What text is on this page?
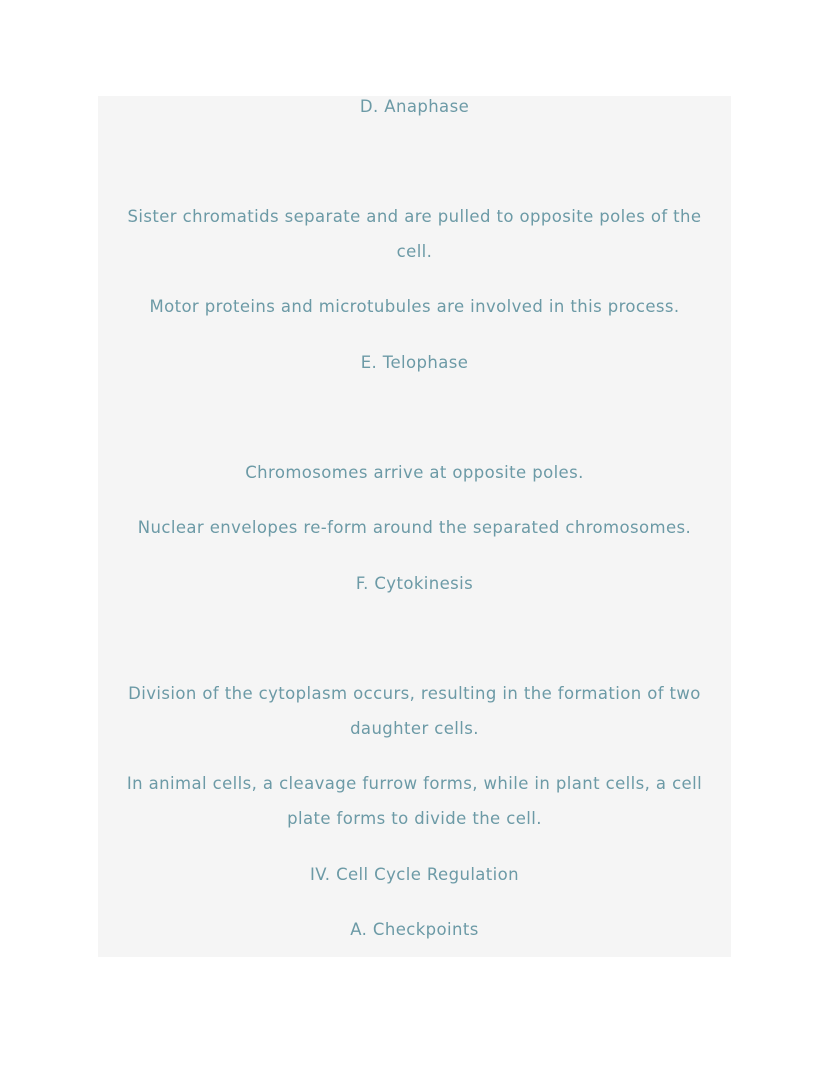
D. Anaphase
Sister chromatids separate and are pulled to opposite poles of the
cell.
Motor proteins and microtubules are involved in this process.
E. Telophase
Chromosomes arrive at opposite poles.
Nuclear envelopes re-form around the separated chromosomes.
F. Cytokinesis
Division of the cytoplasm occurs, resulting in the formation of two
daughter cells.
In animal cells, a cleavage furrow forms, while in plant cells, a cell
plate forms to divide the cell.
IV. Cell Cycle Regulation
A. Checkpoints
